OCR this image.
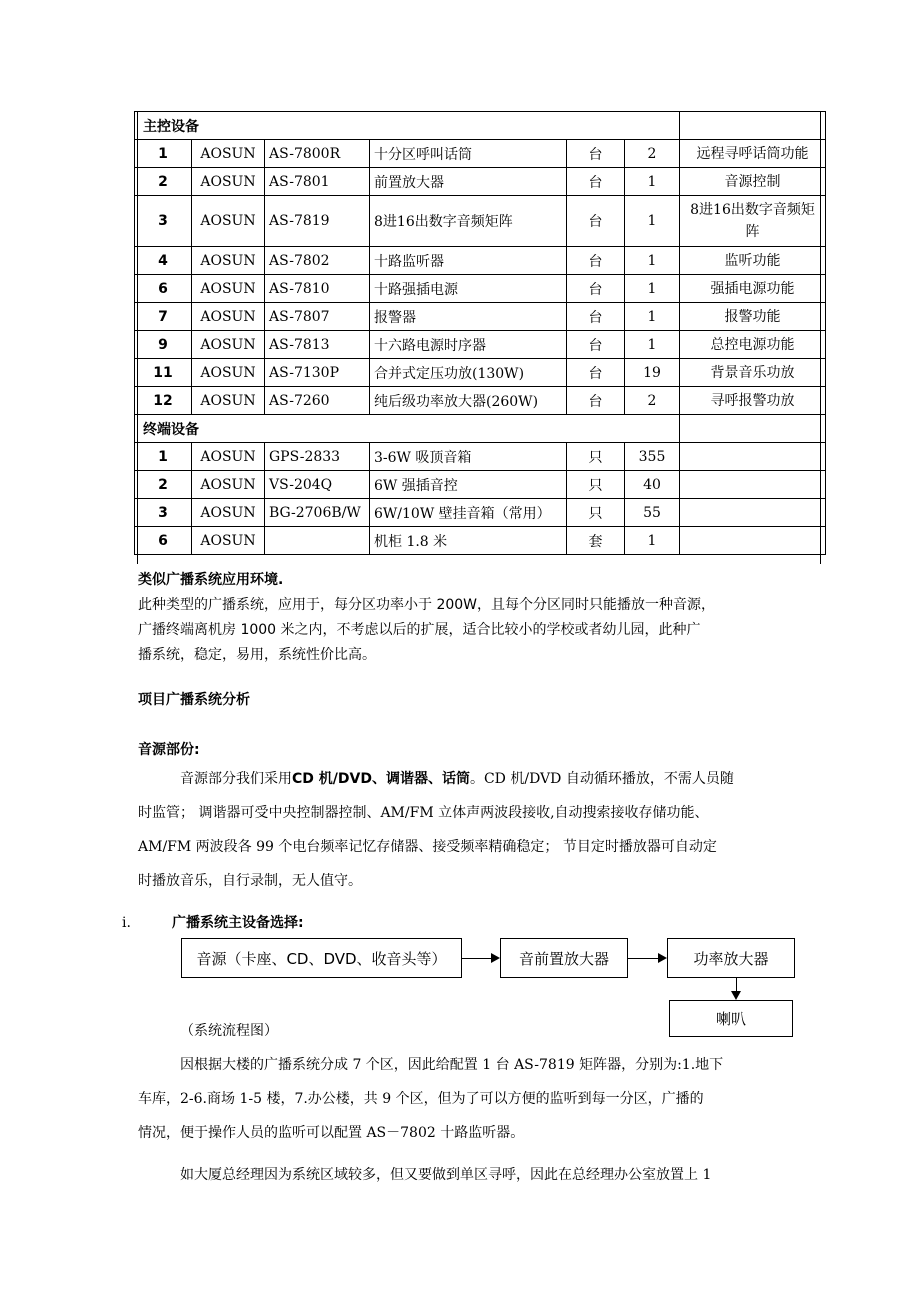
主控设备						
1	AOSUN	AS-7800R	十分区呼叫话筒	台	2	远程寻呼话筒功能
2	AOSUN	AS-7801	前置放大器	台	1	音源控制
3	AOSUN	AS-7819	8进16出数字音频矩阵	台	1	8进16出数字音频矩阵
4	AOSUN	AS-7802	十路监听器	台	1	监听功能
6	AOSUN	AS-7810	十路强插电源	台	1	强插电源功能
7	AOSUN	AS-7807	报警器	台	1	报警功能
9	AOSUN	AS-7813	十六路电源时序器	台	1	总控电源功能
11	AOSUN	AS-7130P	合并式定压功放(130W)	台	19	背景音乐功放
12	AOSUN	AS-7260	纯后级功率放大器(260W)	台	2	寻呼报警功放
终端设备						
1	AOSUN	GPS-2833	3-6W 吸顶音箱	只	355	
2	AOSUN	VS-204Q	6W 强插音控	只	40	
3	AOSUN	BG-2706B/W	6W/10W 壁挂音箱（常用）	只	55	
6	AOSUN		机柜 1.8 米	套	1	
类似广播系统应用环境.
此种类型的广播系统，应用于，每分区功率小于 200W，且每个分区同时只能播放一种音源，
广播终端离机房 1000 米之内，不考虑以后的扩展，适合比较小的学校或者幼儿园，此种广
播系统，稳定，易用，系统性价比高。
项目广播系统分析
音源部份:
音源部分我们采用CD 机/DVD、调谐器、话筒。CD 机/DVD 自动循环播放，不需人员随
时监管； 调谐器可受中央控制器控制、AM/FM 立体声两波段接收,自动搜索接收存储功能、
AM/FM 两波段各 99 个电台频率记忆存储器、接受频率精确稳定； 节目定时播放器可自动定
时播放音乐，自行录制，无人值守。
i.	广播系统主设备选择:
音源（卡座、CD、DVD、收音头等）	音前置放大器	功率放大器
喇叭
（系统流程图）
因根据大楼的广播系统分成 7 个区，因此给配置 1 台 AS-7819 矩阵器，分别为:1.地下
车库，2-6.商场 1-5 楼，7.办公楼，共 9 个区，但为了可以方便的监听到每一分区，广播的
情况，便于操作人员的监听可以配置 AS－7802 十路监听器。
如大厦总经理因为系统区域较多，但又要做到单区寻呼，因此在总经理办公室放置上 1
